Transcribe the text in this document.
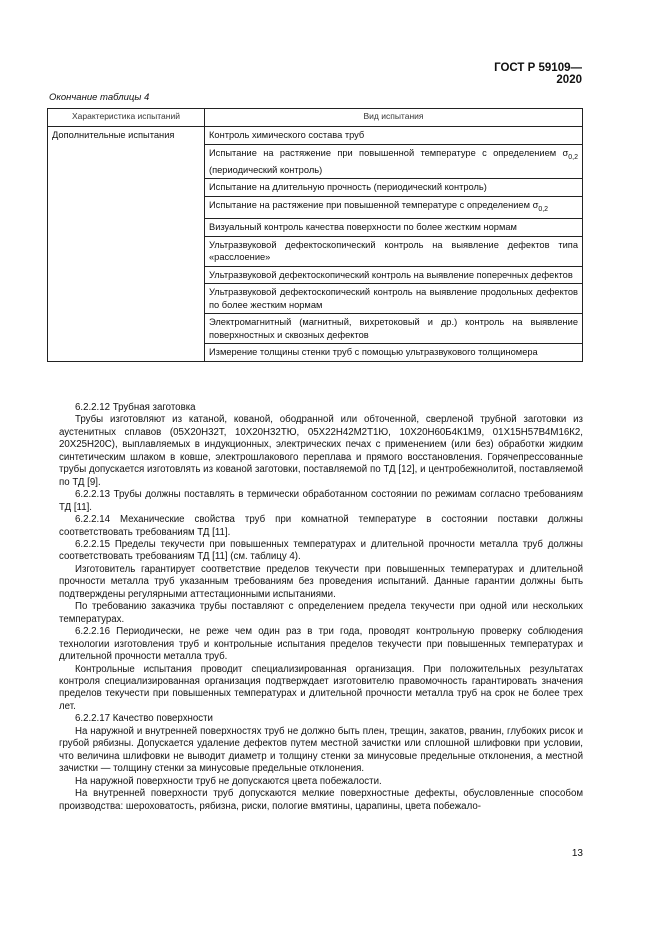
ГОСТ Р 59109—2020
Окончание таблицы 4
Характеристика испытаний	Вид испытания
Дополнительные испытания	Контроль химического состава труб
	Испытание на растяжение при повышенной температуре с определением $\sigma_{0,2}$ (периодический контроль)
	Испытание на длительную прочность (периодический контроль)
	Испытание на растяжение при повышенной температуре с определением $\sigma_{0,2}$
	Визуальный контроль качества поверхности по более жестким нормам
	Ультразвуковой дефектоскопический контроль на выявление дефектов типа «расслоение»
	Ультразвуковой дефектоскопический контроль на выявление поперечных дефектов
	Ультразвуковой дефектоскопический контроль на выявление продольных дефектов по более жестким нормам
	Электромагнитный (магнитный, вихретоковый и др.) контроль на выявление поверхностных и сквозных дефектов
	Измерение толщины стенки труб с помощью ультразвукового толщиномера

6.2.2.12 Трубная заготовка

Трубы изготовляют из катаной, кованой, ободранной или обточенной, сверленой трубной заготовки из аустенитных сплавов (05Х20Н32Т, 10Х20Н32ТЮ, 05Х22Н42М2Т1Ю, 10Х20Н60Б4К1М9, 01Х15Н57В4М16К2, 20Х25Н20С), выплавляемых в индукционных, электрических печах с применением (или без) обработки жидким синтетическим шлаком в ковше, электрошлакового переплава и прямого восстановления. Горячепрессованные трубы допускается изготовлять из кованой заготовки, поставляемой по ТД [12], и центробежнолитой, поставляемой по ТД [9].

6.2.2.13 Трубы должны поставлять в термически обработанном состоянии по режимам согласно требованиям ТД [11].

6.2.2.14 Механические свойства труб при комнатной температуре в состоянии поставки должны соответствовать требованиям ТД [11].

6.2.2.15 Пределы текучести при повышенных температурах и длительной прочности металла труб должны соответствовать требованиям ТД [11] (см. таблицу 4).

Изготовитель гарантирует соответствие пределов текучести при повышенных температурах и длительной прочности металла труб указанным требованиям без проведения испытаний. Данные гарантии должны быть подтверждены регулярными аттестационными испытаниями.

По требованию заказчика трубы поставляют с определением предела текучести при одной или нескольких температурах.

6.2.2.16 Периодически, не реже чем один раз в три года, проводят контрольную проверку соблюдения технологии изготовления труб и контрольные испытания пределов текучести при повышенных температурах и длительной прочности металла труб.

Контрольные испытания проводит специализированная организация. При положительных результатах контроля специализированная организация подтверждает изготовителю правомочность гарантировать значения пределов текучести при повышенных температурах и длительной прочности металла труб на срок не более трех лет.

6.2.2.17 Качество поверхности

На наружной и внутренней поверхностях труб не должно быть плен, трещин, закатов, рванин, глубоких рисок и грубой рябизны. Допускается удаление дефектов путем местной зачистки или сплошной шлифовки при условии, что величина шлифовки не выводит диаметр и толщину стенки за минусовые предельные отклонения, а местной зачистки — толщину стенки за минусовые предельные отклонения.

На наружной поверхности труб не допускаются цвета побежалости.

На внутренней поверхности труб допускаются мелкие поверхностные дефекты, обусловленные способом производства: шероховатость, рябизна, риски, пологие вмятины, царапины, цвета побежало-

13
